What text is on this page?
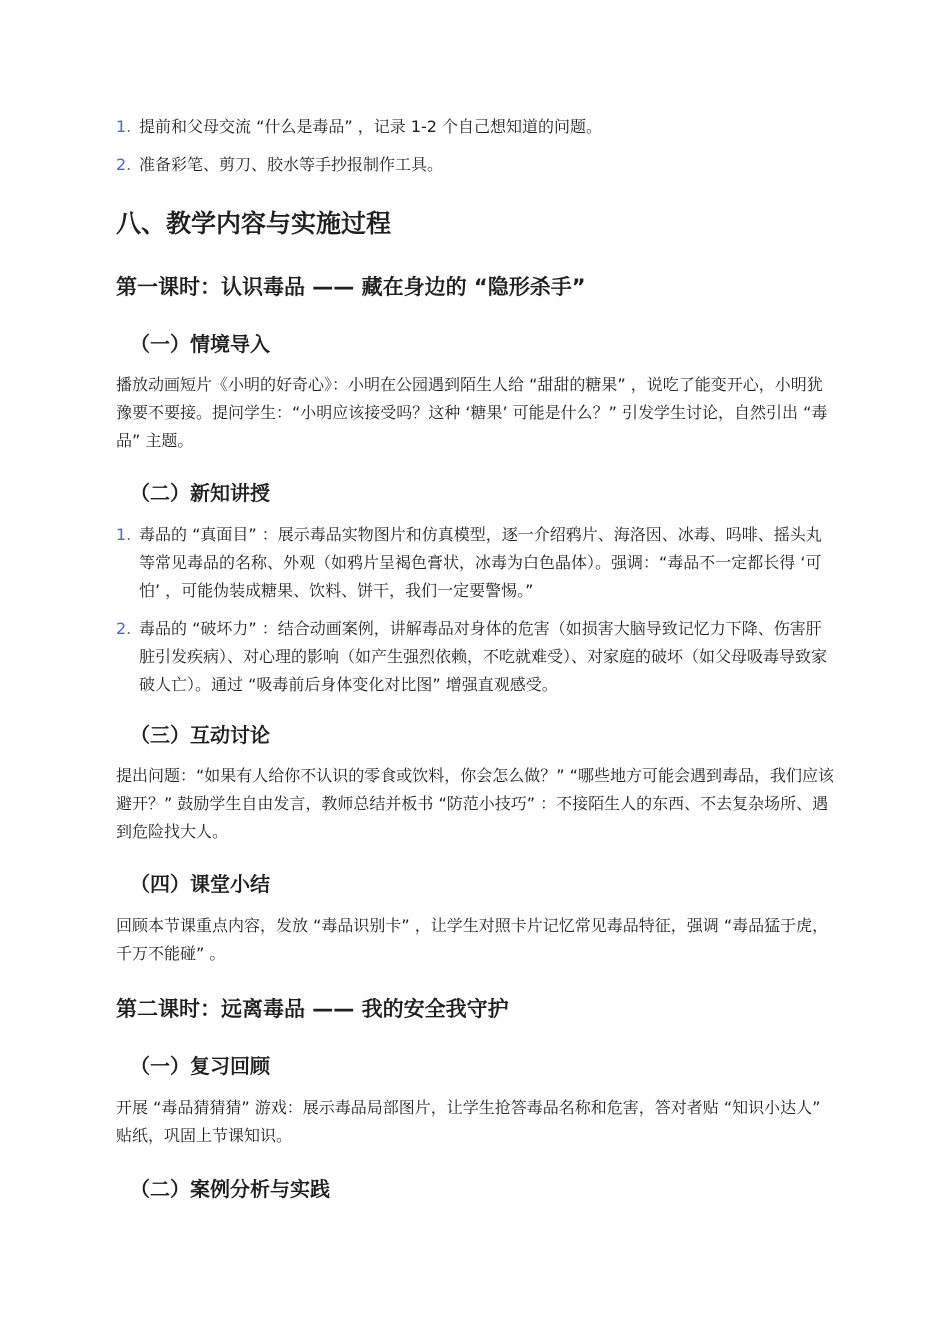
1. 提前和父母交流 “什么是毒品” ，记录 1-2 个自己想知道的问题。
2. 准备彩笔、剪刀、胶水等手抄报制作工具。
八、教学内容与实施过程
第一课时：认识毒品 —— 藏在身边的 “隐形杀手”
（一）情境导入

播放动画短片《小明的好奇心》：小明在公园遇到陌生人给 “甜甜的糖果” ，说吃了能变开心，小明犹豫要不要接。提问学生：“小明应该接受吗？这种 ‘糖果’ 可能是什么？” 引发学生讨论，自然引出 “毒品” 主题。

（二）新知讲授
1. 毒品的 “真面目” ：展示毒品实物图片和仿真模型，逐一介绍鸦片、海洛因、冰毒、吗啡、摇头丸等常见毒品的名称、外观（如鸦片呈褐色膏状，冰毒为白色晶体）。强调：“毒品不一定都长得 ‘可怕’ ，可能伪装成糖果、饮料、饼干，我们一定要警惕。”
2. 毒品的 “破坏力” ：结合动画案例，讲解毒品对身体的危害（如损害大脑导致记忆力下降、伤害肝脏引发疾病）、对心理的影响（如产生强烈依赖，不吃就难受）、对家庭的破坏（如父母吸毒导致家破人亡）。通过 “吸毒前后身体变化对比图” 增强直观感受。
（三）互动讨论

提出问题：“如果有人给你不认识的零食或饮料，你会怎么做？” “哪些地方可能会遇到毒品，我们应该避开？” 鼓励学生自由发言，教师总结并板书 “防范小技巧” ：不接陌生人的东西、不去复杂场所、遇到危险找大人。

（四）课堂小结

回顾本节课重点内容，发放 “毒品识别卡” ，让学生对照卡片记忆常见毒品特征，强调 “毒品猛于虎，千万不能碰” 。

第二课时：远离毒品 —— 我的安全我守护
（一）复习回顾

开展 “毒品猜猜猜” 游戏：展示毒品局部图片，让学生抢答毒品名称和危害，答对者贴 “知识小达人” 贴纸，巩固上节课知识。

（二）案例分析与实践
